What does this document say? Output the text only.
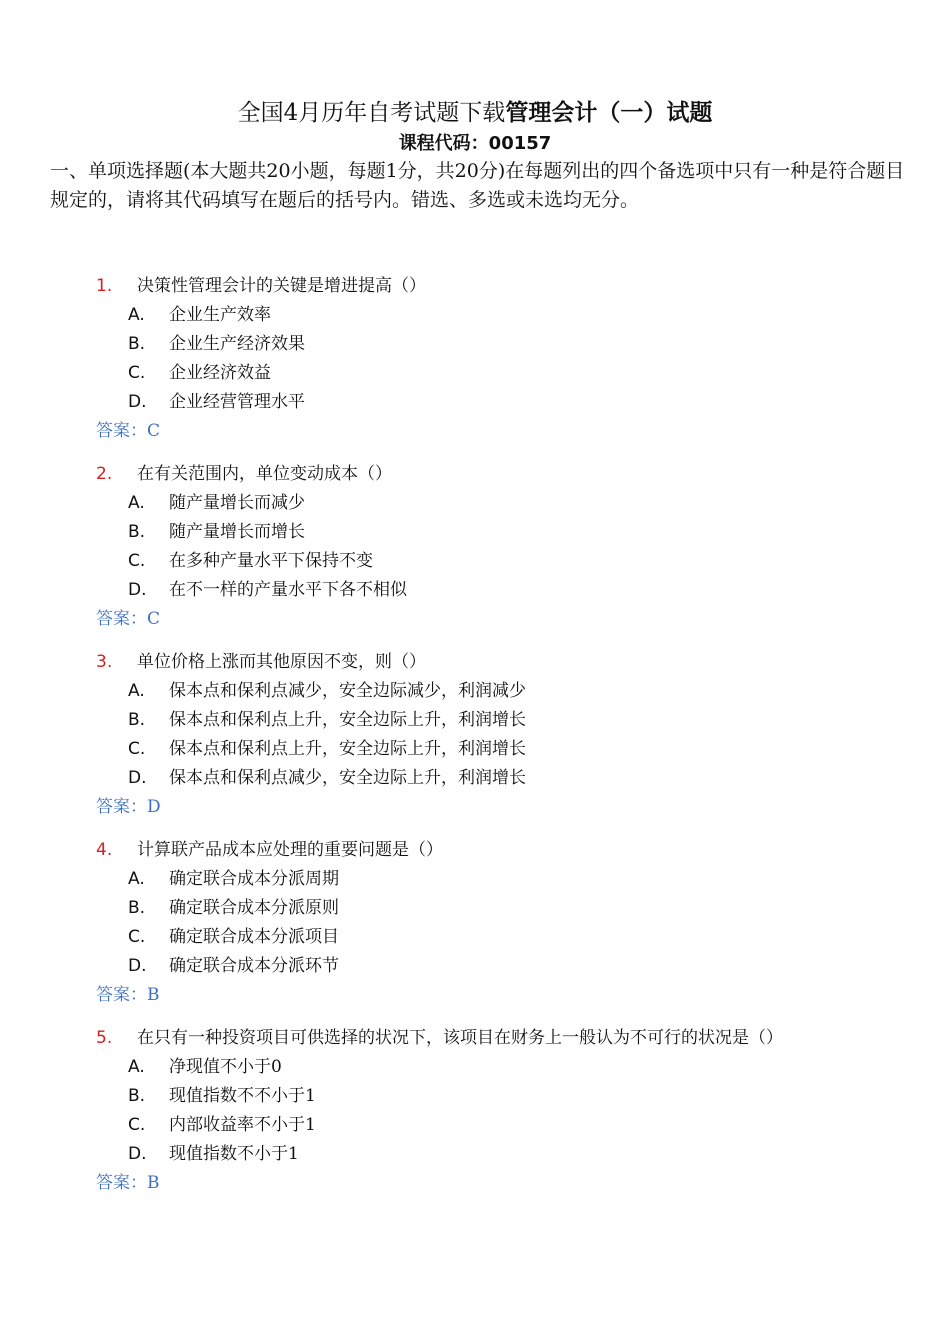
全国4月历年自考试题下载管理会计（一）试题
课程代码：00157
一、单项选择题(本大题共20小题，每题1分，共20分)在每题列出的四个备选项中只有一种是符合题目规定的，请将其代码填写在题后的括号内。错选、多选或未选均无分。
1. 决策性管理会计的关键是增进提高（）
A. 企业生产效率
B. 企业生产经济效果
C. 企业经济效益
D. 企业经营管理水平
答案：C
2. 在有关范围内，单位变动成本（）
A. 随产量增长而减少
B. 随产量增长而增长
C. 在多种产量水平下保持不变
D. 在不一样的产量水平下各不相似
答案：C
3. 单位价格上涨而其他原因不变，则（）
A. 保本点和保利点减少，安全边际减少，利润减少
B. 保本点和保利点上升，安全边际上升，利润增长
C. 保本点和保利点上升，安全边际上升，利润增长
D. 保本点和保利点减少，安全边际上升，利润增长
答案：D
4. 计算联产品成本应处理的重要问题是（）
A. 确定联合成本分派周期
B. 确定联合成本分派原则
C. 确定联合成本分派项目
D. 确定联合成本分派环节
答案：B
5. 在只有一种投资项目可供选择的状况下，该项目在财务上一般认为不可行的状况是（）
A. 净现值不小于0
B. 现值指数不不小于1
C. 内部收益率不小于1
D. 现值指数不小于1
答案：B
